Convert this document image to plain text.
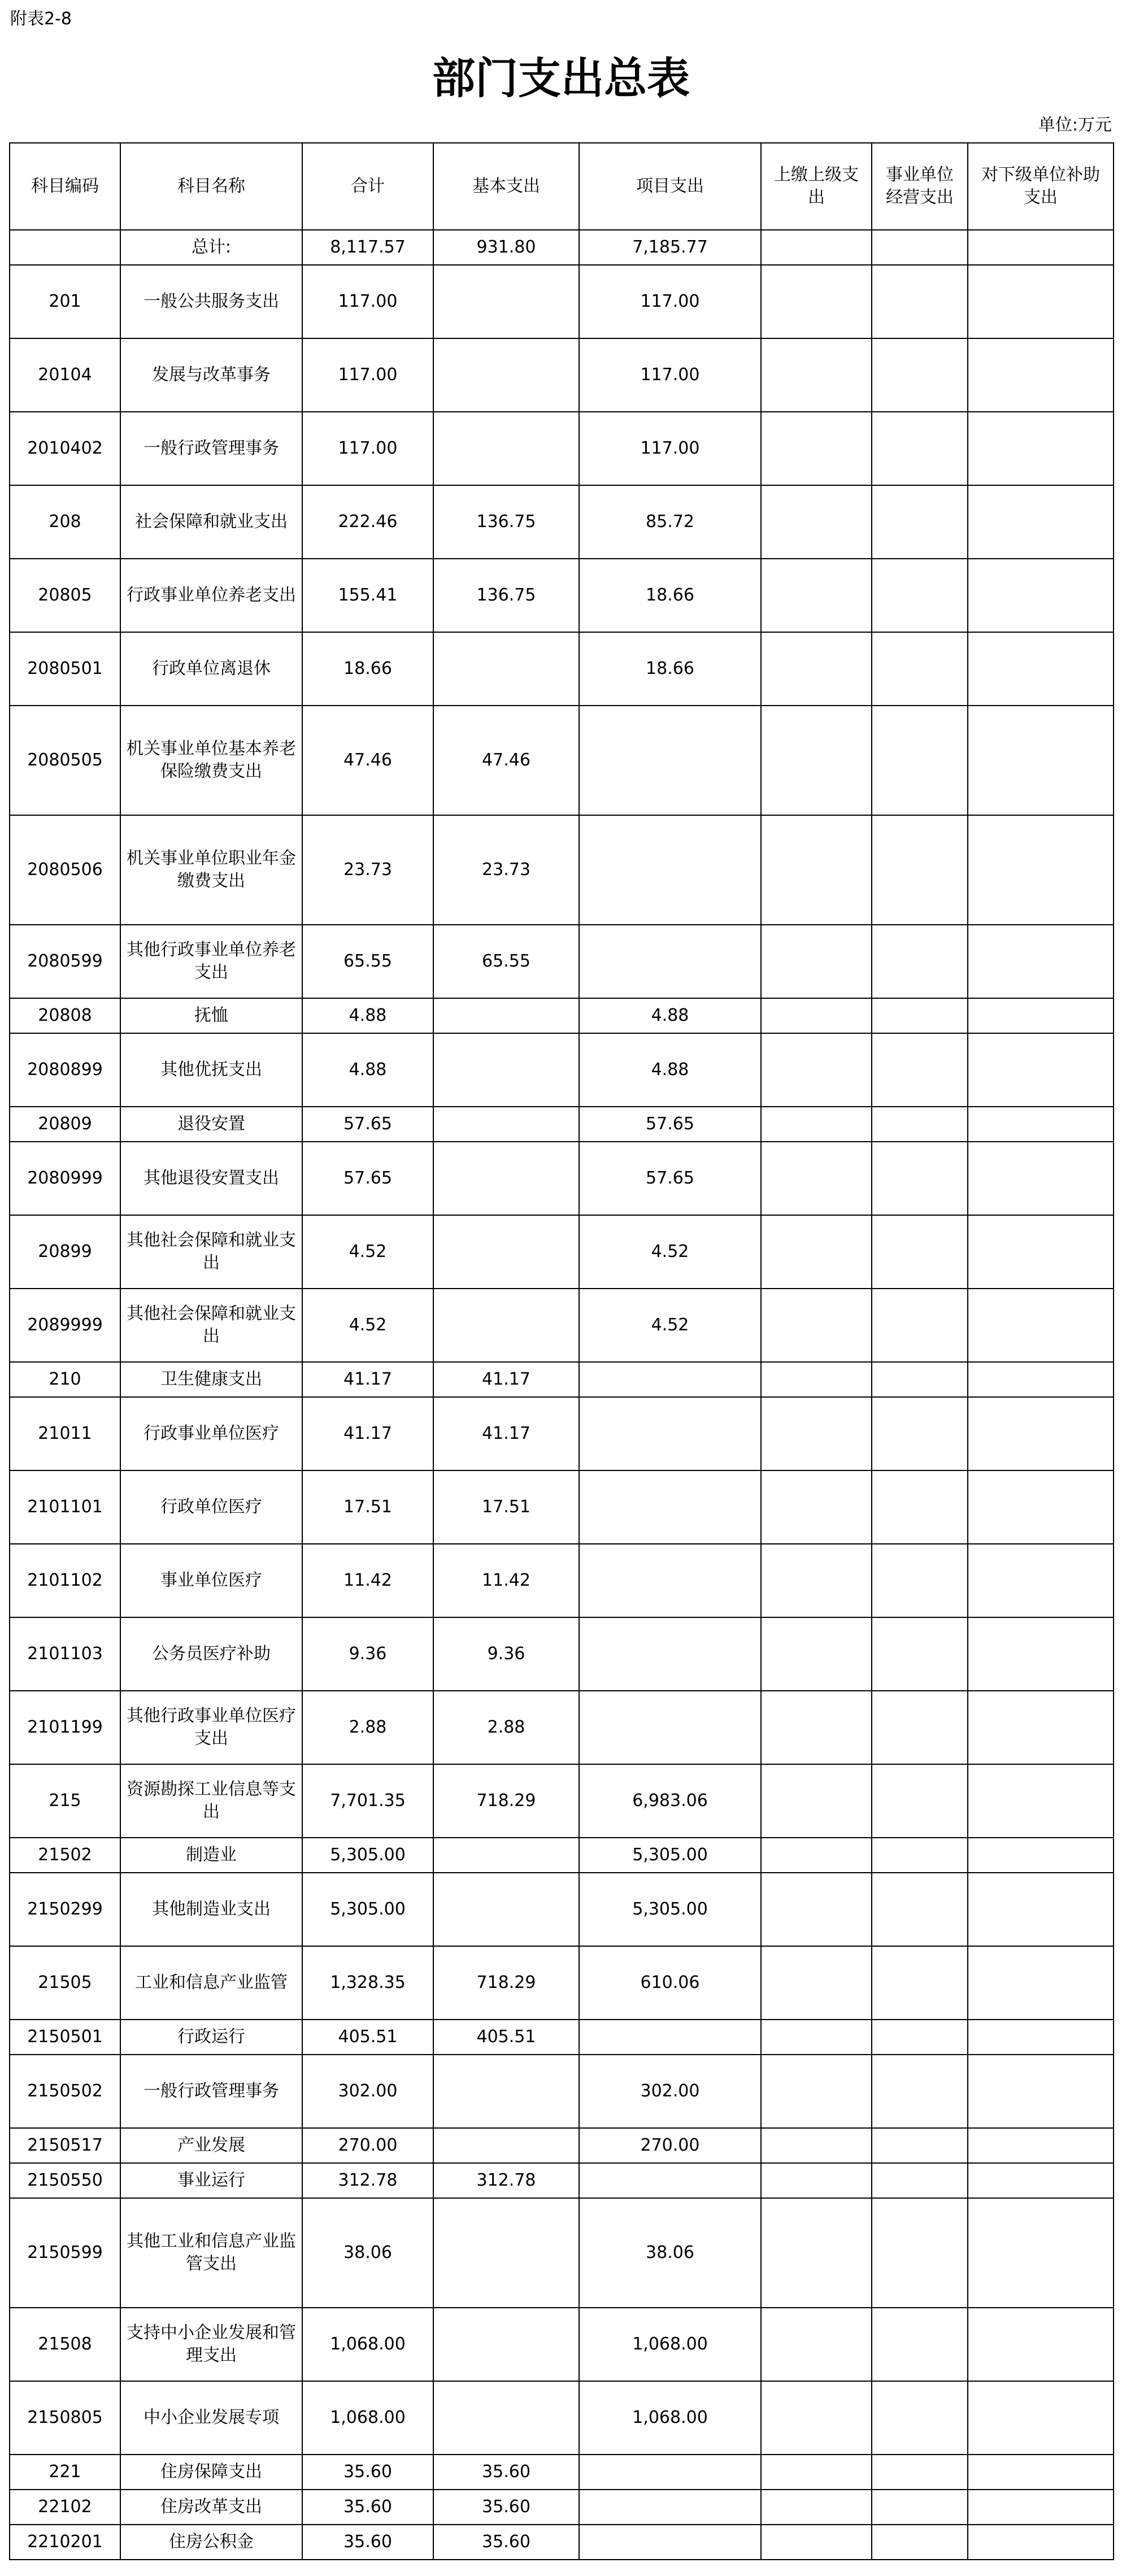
附表2-8
部门支出总表
单位:万元
科目编码	科目名称	合计	基本支出	项目支出	上缴上级支出	事业单位经营支出	对下级单位补助支出
	总计:	8,117.57	931.80	7,185.77			
201	一般公共服务支出	117.00		117.00			
20104	发展与改革事务	117.00		117.00			
2010402	一般行政管理事务	117.00		117.00			
208	社会保障和就业支出	222.46	136.75	85.72			
20805	行政事业单位养老支出	155.41	136.75	18.66			
2080501	行政单位离退休	18.66		18.66			
2080505	机关事业单位基本养老保险缴费支出	47.46	47.46				
2080506	机关事业单位职业年金缴费支出	23.73	23.73				
2080599	其他行政事业单位养老支出	65.55	65.55				
20808	抚恤	4.88		4.88			
2080899	其他优抚支出	4.88		4.88			
20809	退役安置	57.65		57.65			
2080999	其他退役安置支出	57.65		57.65			
20899	其他社会保障和就业支出	4.52		4.52			
2089999	其他社会保障和就业支出	4.52		4.52			
210	卫生健康支出	41.17	41.17				
21011	行政事业单位医疗	41.17	41.17				
2101101	行政单位医疗	17.51	17.51				
2101102	事业单位医疗	11.42	11.42				
2101103	公务员医疗补助	9.36	9.36				
2101199	其他行政事业单位医疗支出	2.88	2.88				
215	资源勘探工业信息等支出	7,701.35	718.29	6,983.06			
21502	制造业	5,305.00		5,305.00			
2150299	其他制造业支出	5,305.00		5,305.00			
21505	工业和信息产业监管	1,328.35	718.29	610.06			
2150501	行政运行	405.51	405.51				
2150502	一般行政管理事务	302.00		302.00			
2150517	产业发展	270.00		270.00			
2150550	事业运行	312.78	312.78				
2150599	其他工业和信息产业监管支出	38.06		38.06			
21508	支持中小企业发展和管理支出	1,068.00		1,068.00			
2150805	中小企业发展专项	1,068.00		1,068.00			
221	住房保障支出	35.60	35.60				
22102	住房改革支出	35.60	35.60				
2210201	住房公积金	35.60	35.60				
